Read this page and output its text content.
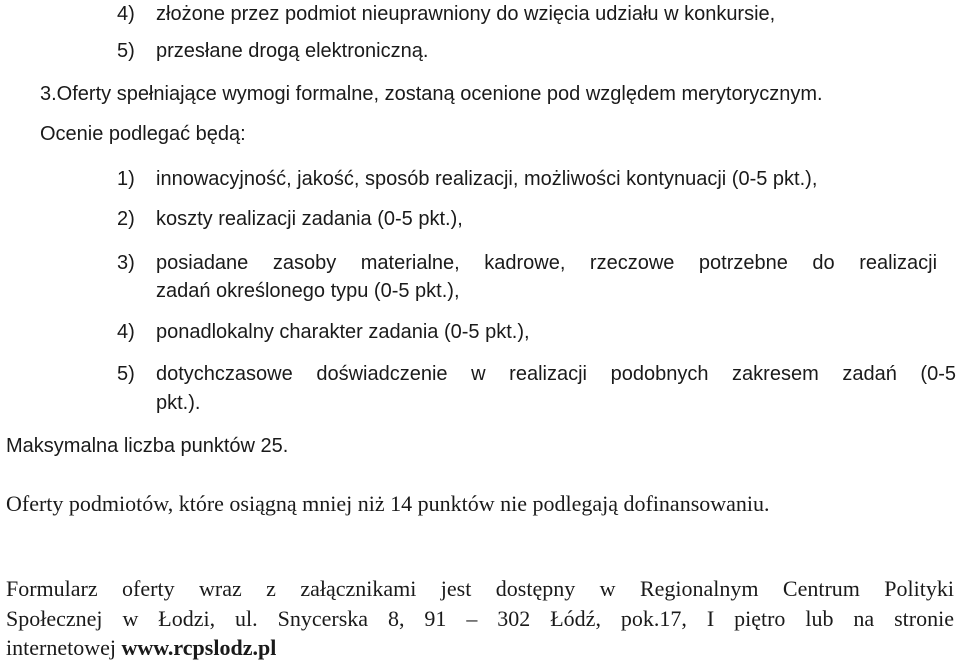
4) złożone przez podmiot nieuprawniony do wzięcia udziału w konkursie,
5) przesłane drogą elektroniczną.
3.Oferty spełniające wymogi formalne, zostaną ocenione pod względem merytorycznym.
Ocenie podlegać będą:
1) innowacyjność, jakość, sposób realizacji, możliwości kontynuacji (0-5 pkt.),
2) koszty realizacji zadania (0-5 pkt.),
3) posiadane zasoby materialne, kadrowe, rzeczowe potrzebne do realizacji
zadań określonego typu (0-5 pkt.),
4) ponadlokalny charakter zadania (0-5 pkt.),
5) dotychczasowe doświadczenie w realizacji podobnych zakresem zadań (0-5
pkt.).
Maksymalna liczba punktów 25.
Oferty podmiotów, które osiągną mniej niż 14 punktów nie podlegają dofinansowaniu.
Formularz oferty wraz z załącznikami jest dostępny w Regionalnym Centrum Polityki
Społecznej w Łodzi, ul. Snycerska 8, 91 – 302 Łódź, pok.17, I piętro lub na stronie
internetowej www.rcpslodz.pl
